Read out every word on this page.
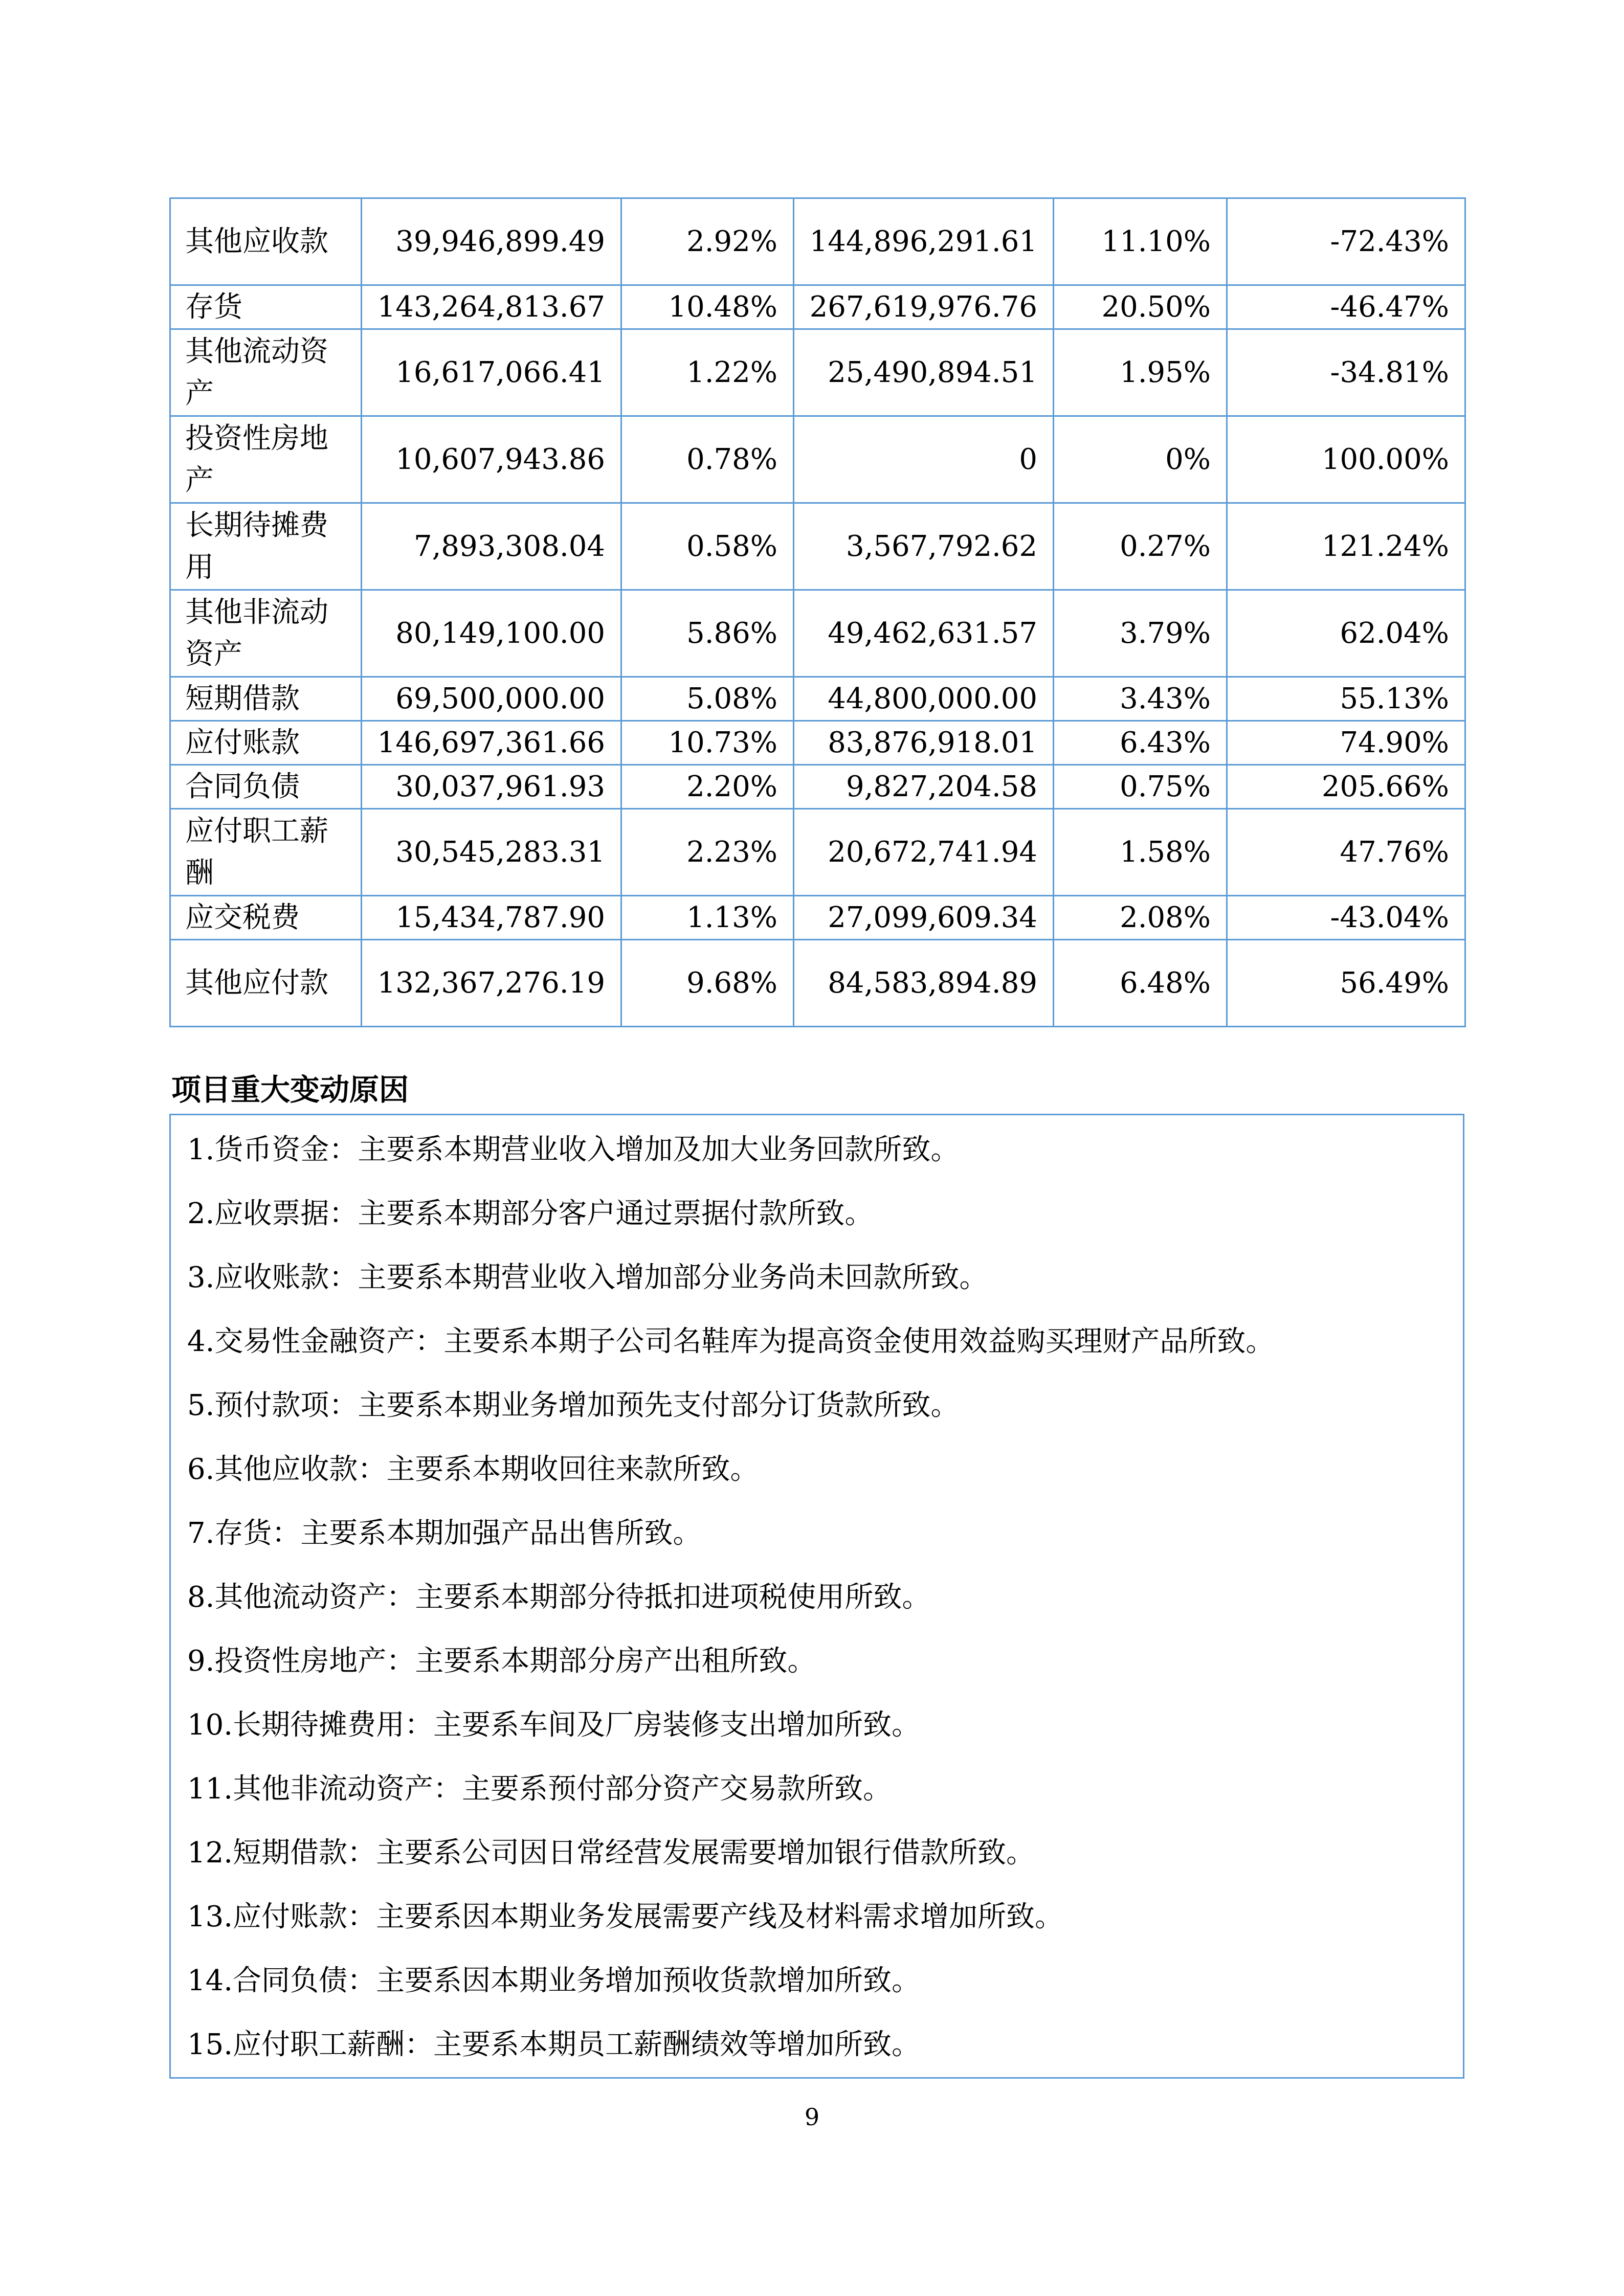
其他应收款	39,946,899.49	2.92%	144,896,291.61	11.10%	-72.43%
存货	143,264,813.67	10.48%	267,619,976.76	20.50%	-46.47%
其他流动资产	16,617,066.41	1.22%	25,490,894.51	1.95%	-34.81%
投资性房地产	10,607,943.86	0.78%	0	0%	100.00%
长期待摊费用	7,893,308.04	0.58%	3,567,792.62	0.27%	121.24%
其他非流动资产	80,149,100.00	5.86%	49,462,631.57	3.79%	62.04%
短期借款	69,500,000.00	5.08%	44,800,000.00	3.43%	55.13%
应付账款	146,697,361.66	10.73%	83,876,918.01	6.43%	74.90%
合同负债	30,037,961.93	2.20%	9,827,204.58	0.75%	205.66%
应付职工薪酬	30,545,283.31	2.23%	20,672,741.94	1.58%	47.76%
应交税费	15,434,787.90	1.13%	27,099,609.34	2.08%	-43.04%
其他应付款	132,367,276.19	9.68%	84,583,894.89	6.48%	56.49%
项目重大变动原因

1.货币资金：主要系本期营业收入增加及加大业务回款所致。

2.应收票据：主要系本期部分客户通过票据付款所致。

3.应收账款：主要系本期营业收入增加部分业务尚未回款所致。

4.交易性金融资产：主要系本期子公司名鞋库为提高资金使用效益购买理财产品所致。

5.预付款项：主要系本期业务增加预先支付部分订货款所致。

6.其他应收款：主要系本期收回往来款所致。

7.存货：主要系本期加强产品出售所致。

8.其他流动资产：主要系本期部分待抵扣进项税使用所致。

9.投资性房地产：主要系本期部分房产出租所致。

10.长期待摊费用：主要系车间及厂房装修支出增加所致。

11.其他非流动资产：主要系预付部分资产交易款所致。

12.短期借款：主要系公司因日常经营发展需要增加银行借款所致。

13.应付账款：主要系因本期业务发展需要产线及材料需求增加所致。

14.合同负债：主要系因本期业务增加预收货款增加所致。

15.应付职工薪酬：主要系本期员工薪酬绩效等增加所致。

9
